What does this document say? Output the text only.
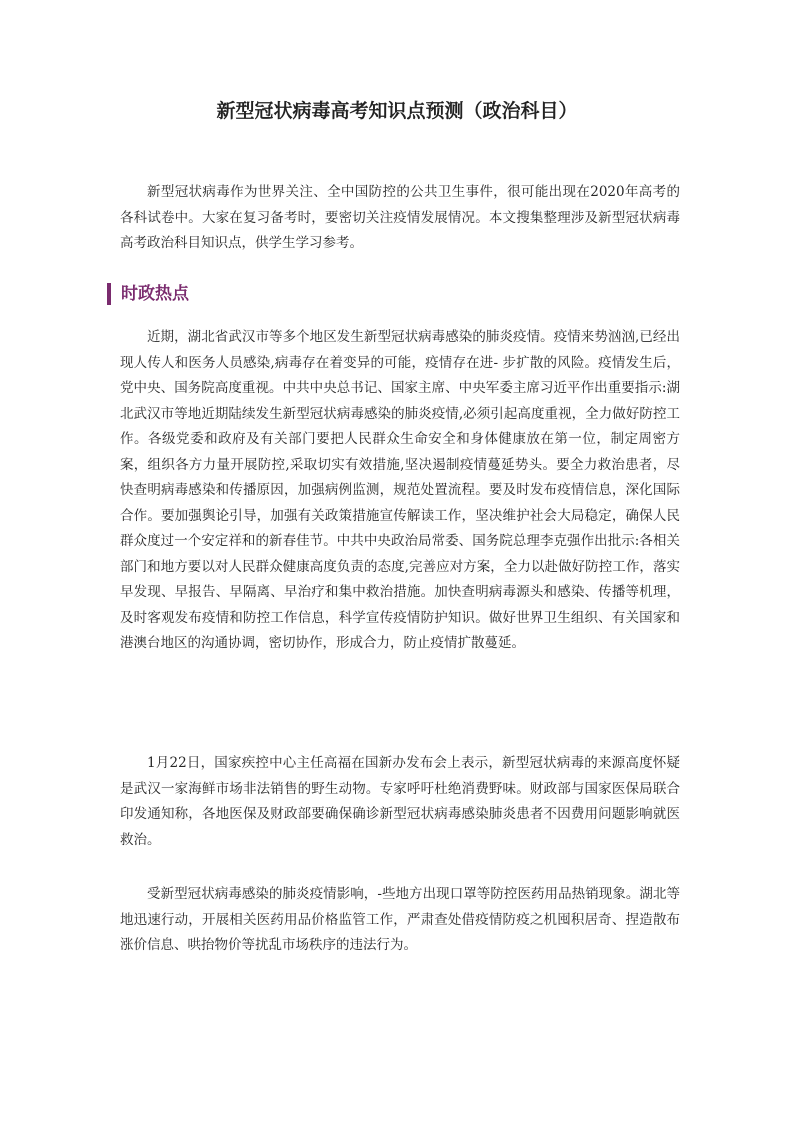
新型冠状病毒高考知识点预测（政治科目）

新型冠状病毒作为世界关注、全中国防控的公共卫生事件，很可能出现在2020年高考的各科试卷中。大家在复习备考时，要密切关注疫情发展情况。本文搜集整理涉及新型冠状病毒高考政治科目知识点，供学生学习参考。

时政热点

近期，湖北省武汉市等多个地区发生新型冠状病毒感染的肺炎疫情。疫情来势汹汹,已经出现人传人和医务人员感染,病毒存在着变异的可能，疫情存在进- 步扩散的风险。疫情发生后，党中央、国务院高度重视。中共中央总书记、国家主席、中央军委主席习近平作出重要指示:湖北武汉市等地近期陆续发生新型冠状病毒感染的肺炎疫情,必须引起高度重视，全力做好防控工作。各级党委和政府及有关部门要把人民群众生命安全和身体健康放在第一位，制定周密方案，组织各方力量开展防控,采取切实有效措施,坚决遏制疫情蔓延势头。要全力救治患者，尽快查明病毒感染和传播原因，加强病例监测，规范处置流程。要及时发布疫情信息，深化国际合作。要加强舆论引导，加强有关政策措施宣传解读工作，坚决维护社会大局稳定，确保人民群众度过一个安定祥和的新春佳节。中共中央政治局常委、国务院总理李克强作出批示:各相关部门和地方要以对人民群众健康高度负责的态度,完善应对方案，全力以赴做好防控工作，落实早发现、早报告、早隔离、早治疗和集中救治措施。加快查明病毒源头和感染、传播等机理，及时客观发布疫情和防控工作信息，科学宣传疫情防护知识。做好世界卫生组织、有关国家和港澳台地区的沟通协调，密切协作，形成合力，防止疫情扩散蔓延。

1月22日，国家疾控中心主任高福在国新办发布会上表示，新型冠状病毒的来源高度怀疑是武汉一家海鲜市场非法销售的野生动物。专家呼吁杜绝消费野味。财政部与国家医保局联合印发通知称，各地医保及财政部要确保确诊新型冠状病毒感染肺炎患者不因费用问题影响就医救治。

受新型冠状病毒感染的肺炎疫情影响，-些地方出现口罩等防控医药用品热销现象。湖北等地迅速行动，开展相关医药用品价格监管工作，严肃查处借疫情防疫之机囤积居奇、捏造散布涨价信息、哄抬物价等扰乱市场秩序的违法行为。
